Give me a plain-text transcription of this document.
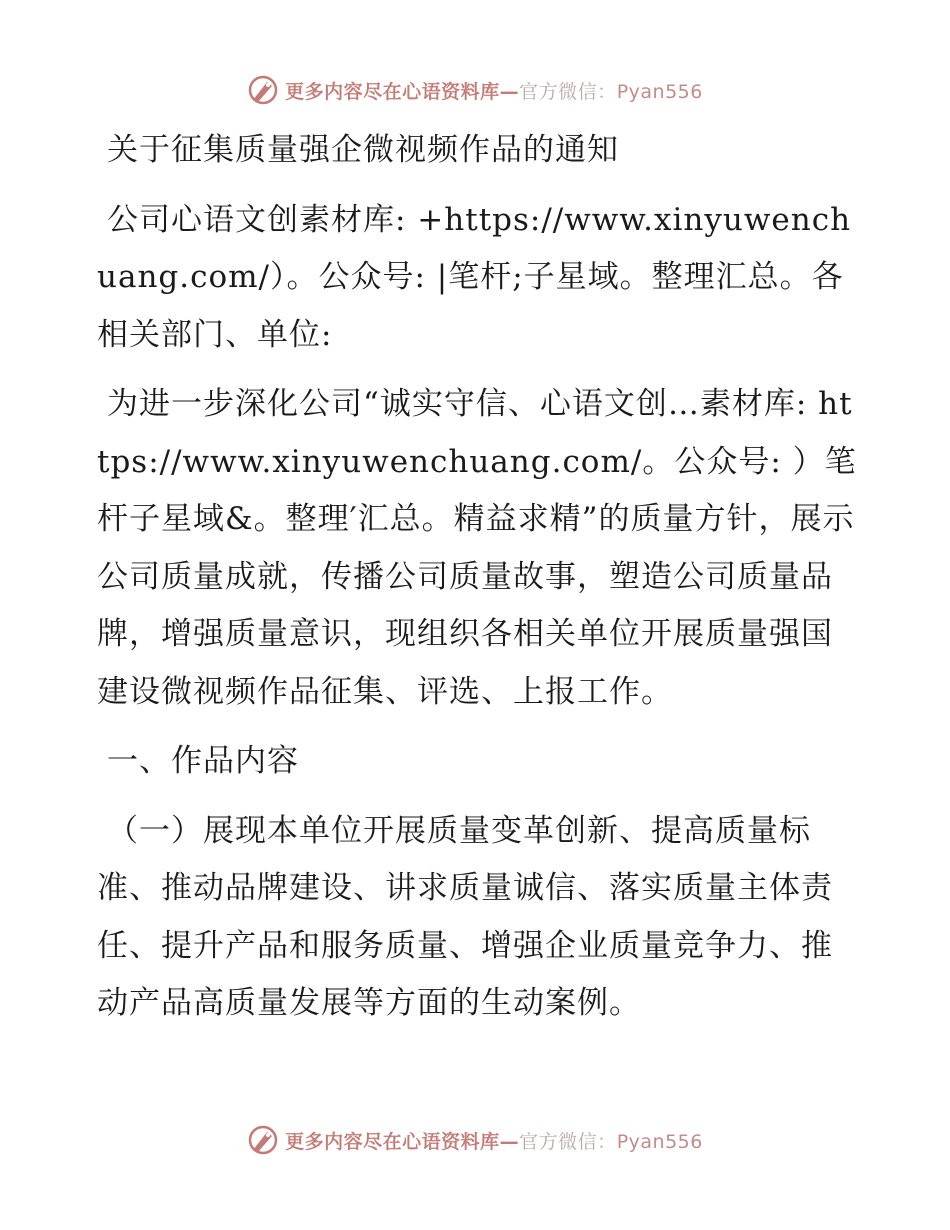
更多内容尽在心语资料库—官方微信：Pyan556

关于征集质量强企微视频作品的通知

公司心语文创素材库: +https://www.xinyuwenchuang.com/）。公众号: |笔杆;子星域。整理汇总。各相关部门、单位:

为进一步深化公司“诚实守信、心语文创…素材库: https://www.xinyuwenchuang.com/。公众号: ）笔杆子星域&。整理′汇总。精益求精”的质量方针，展示公司质量成就，传播公司质量故事，塑造公司质量品牌，增强质量意识，现组织各相关单位开展质量强国建设微视频作品征集、评选、上报工作。

一、作品内容

（一）展现本单位开展质量变革创新、提高质量标准、推动品牌建设、讲求质量诚信、落实质量主体责任、提升产品和服务质量、增强企业质量竞争力、推动产品高质量发展等方面的生动案例。

更多内容尽在心语资料库—官方微信：Pyan556
